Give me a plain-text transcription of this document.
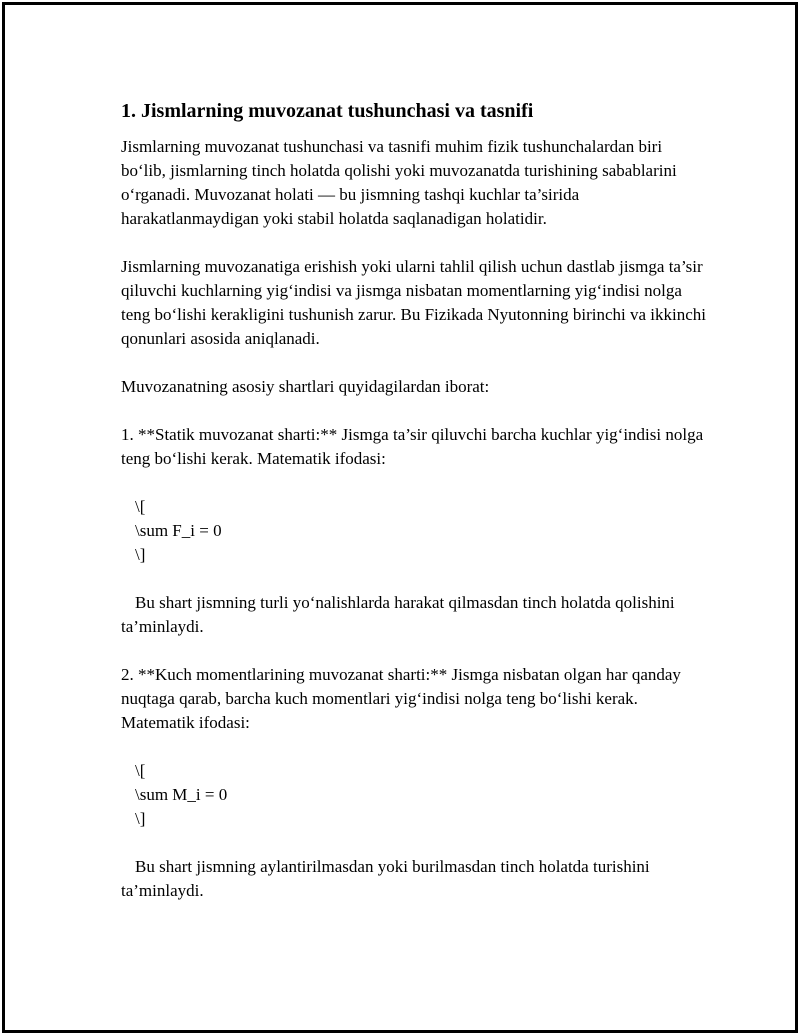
1. Jismlarning muvozanat tushunchasi va tasnifi

Jismlarning muvozanat tushunchasi va tasnifi muhim fizik tushunchalardan biri bo‘lib, jismlarning tinch holatda qolishi yoki muvozanatda turishining sabablarini o‘rganadi. Muvozanat holati — bu jismning tashqi kuchlar ta’sirida harakatlanmaydigan yoki stabil holatda saqlanadigan holatidir.

Jismlarning muvozanatiga erishish yoki ularni tahlil qilish uchun dastlab jismga ta’sir qiluvchi kuchlarning yig‘indisi va jismga nisbatan momentlarning yig‘indisi nolga teng bo‘lishi kerakligini tushunish zarur. Bu Fizikada Nyutonning birinchi va ikkinchi qonunlari asosida aniqlanadi.

Muvozanatning asosiy shartlari quyidagilardan iborat:

1. **Statik muvozanat sharti:** Jismga ta’sir qiluvchi barcha kuchlar yig‘indisi nolga teng bo‘lishi kerak. Matematik ifodasi:

\[
\sum F_i = 0
\]

Bu shart jismning turli yo‘nalishlarda harakat qilmasdan tinch holatda qolishini ta’minlaydi.

2. **Kuch momentlarining muvozanat sharti:** Jismga nisbatan olgan har qanday nuqtaga qarab, barcha kuch momentlari yig‘indisi nolga teng bo‘lishi kerak. Matematik ifodasi:

\[
\sum M_i = 0
\]

Bu shart jismning aylantirilmasdan yoki burilmasdan tinch holatda turishini ta’minlaydi.
